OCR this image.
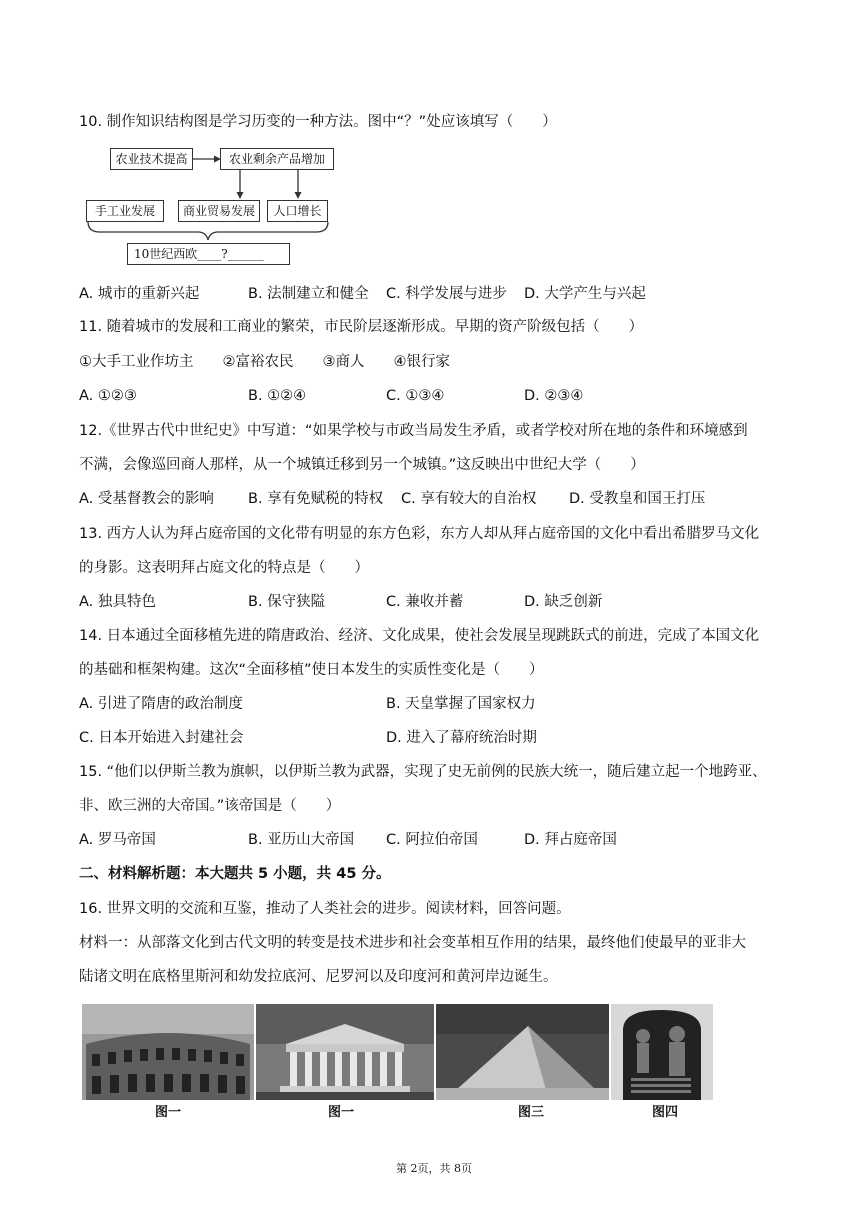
10. 制作知识结构图是学习历变的一种方法。图中“？”处应该填写（　　）
农业技术提高	农业剩余产品增加
手工业发展	商业贸易发展	人口增长
10世纪西欧____?______
A. 城市的重新兴起	B. 法制建立和健全 C. 科学发展与进步 D. 大学产生与兴起
11. 随着城市的发展和工商业的繁荣，市民阶层逐渐形成。早期的资产阶级包括（　　）
①大手工业作坊主　　②富裕农民　　③商人　　④银行家
A. ①②③	B. ①②④	C. ①③④	D. ②③④
12.《世界古代中世纪史》中写道：“如果学校与市政当局发生矛盾，或者学校对所在地的条件和环境感到
不满，会像巡回商人那样，从一个城镇迁移到另一个城镇。”这反映出中世纪大学（　　）
A. 受基督教会的影响 B. 享有免赋税的特权 C. 享有较大的自治权 D. 受教皇和国王打压
13. 西方人认为拜占庭帝国的文化带有明显的东方色彩，东方人却从拜占庭帝国的文化中看出希腊罗马文化
的身影。这表明拜占庭文化的特点是（　　）
A. 独具特色	B. 保守狭隘	C. 兼收并蓄	D. 缺乏创新
14. 日本通过全面移植先进的隋唐政治、经济、文化成果，使社会发展呈现跳跃式的前进，完成了本国文化
的基础和框架构建。这次“全面移植”使日本发生的实质性变化是（　　）
A. 引进了隋唐的政治制度	B. 天皇掌握了国家权力
C. 日本开始进入封建社会	D. 进入了幕府统治时期
15. “他们以伊斯兰教为旗帜，以伊斯兰教为武器，实现了史无前例的民族大统一，随后建立起一个地跨亚、
非、欧三洲的大帝国。”该帝国是（　　）
A. 罗马帝国	B. 亚历山大帝国 C. 阿拉伯帝国	D. 拜占庭帝国
二、材料解析题：本大题共 5 小题，共 45 分。
16. 世界文明的交流和互鉴，推动了人类社会的进步。阅读材料，回答问题。
材料一：从部落文化到古代文明的转变是技术进步和社会变革相互作用的结果，最终他们使最早的亚非大
陆诸文明在底格里斯河和幼发拉底河、尼罗河以及印度河和黄河岸边诞生。
图一	图一	图三	图四
第 2页，共 8页
